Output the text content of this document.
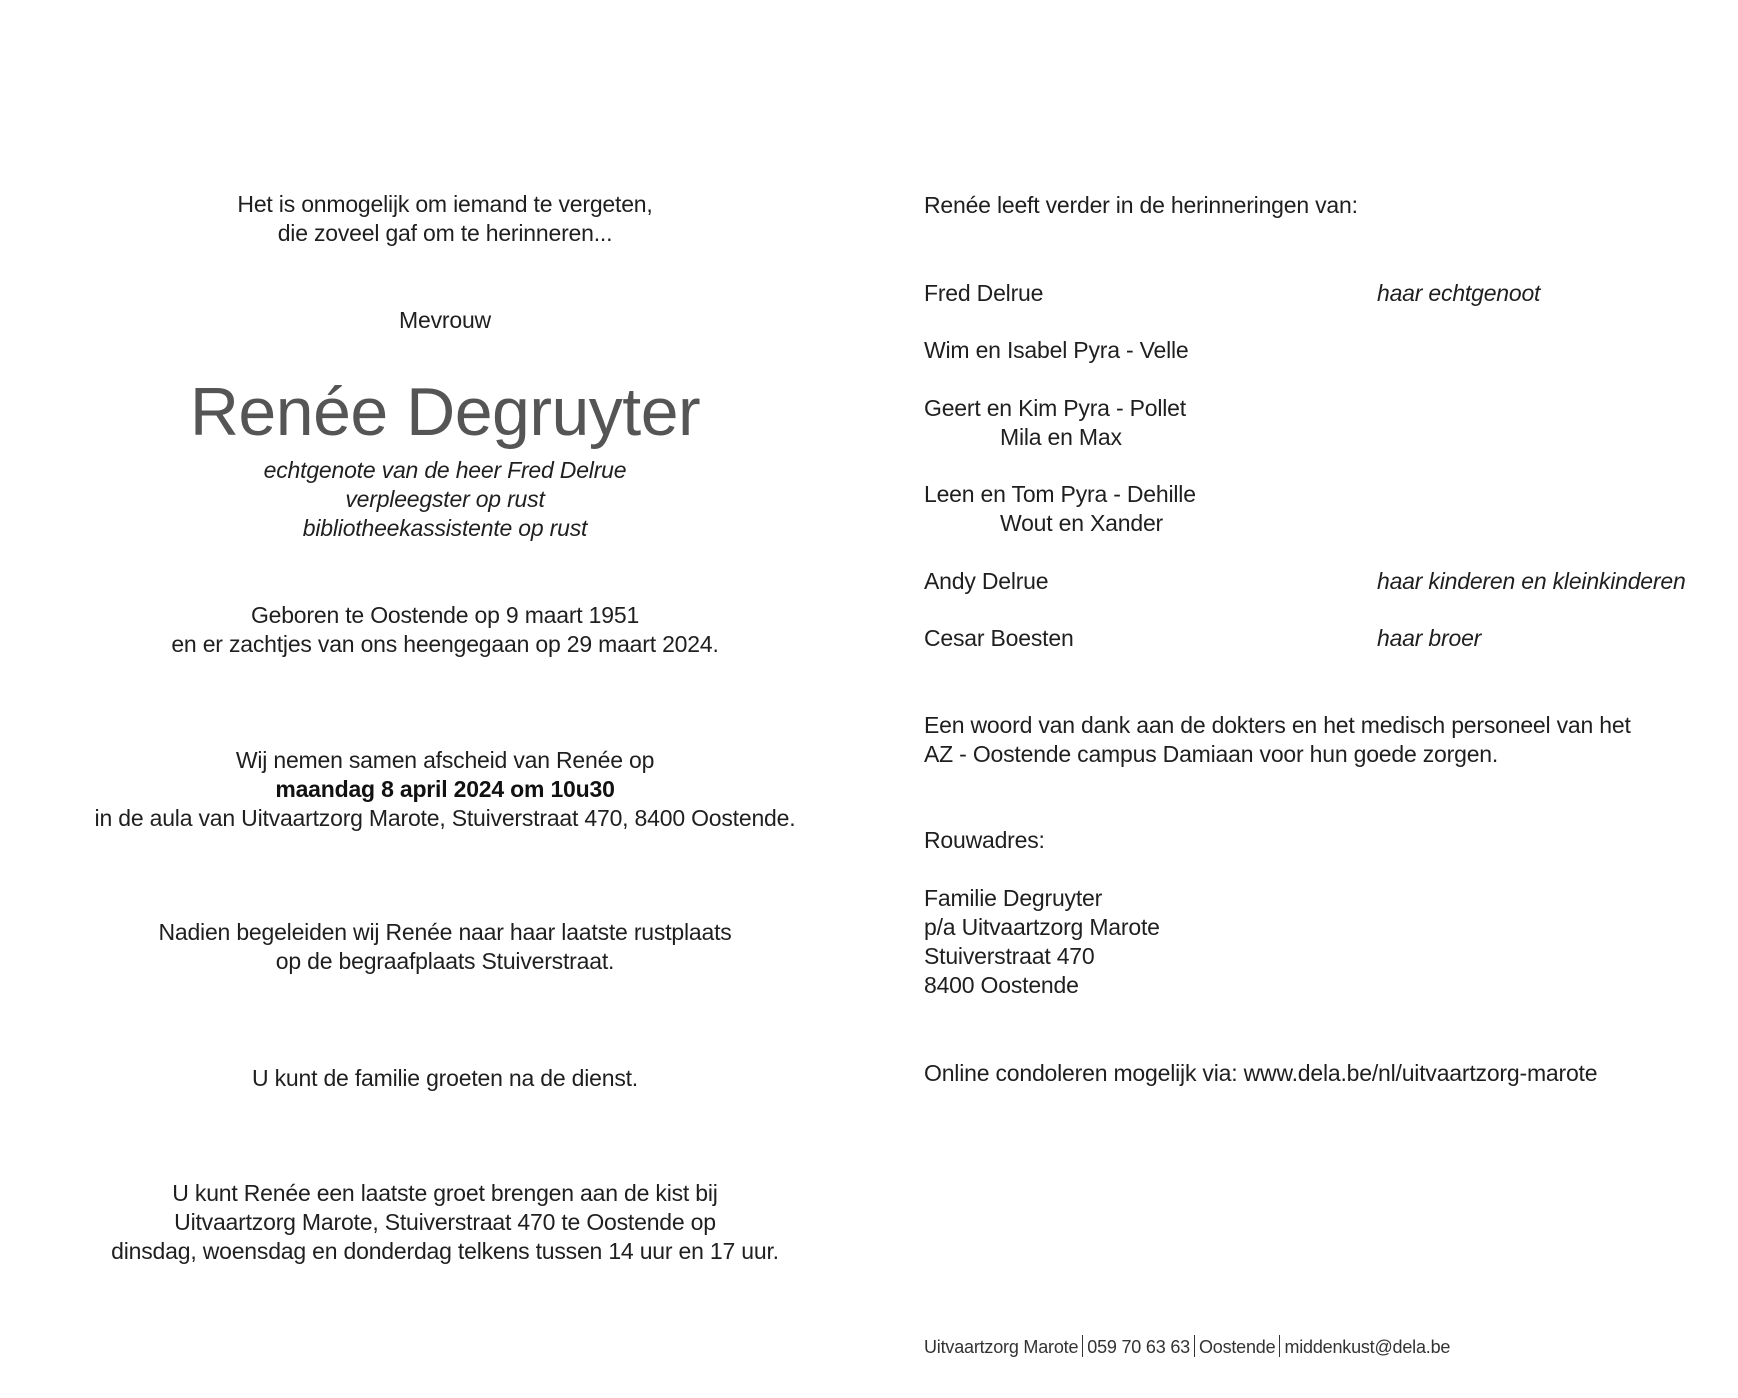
Het is onmogelijk om iemand te vergeten,
die zoveel gaf om te herinneren...
Mevrouw
Renée Degruyter
echtgenote van de heer Fred Delrue
verpleegster op rust
bibliotheekassistente op rust
Geboren te Oostende op 9 maart 1951
en er zachtjes van ons heengegaan op 29 maart 2024.
Wij nemen samen afscheid van Renée op
maandag 8 april 2024 om 10u30
in de aula van Uitvaartzorg Marote, Stuiverstraat 470, 8400 Oostende.
Nadien begeleiden wij Renée naar haar laatste rustplaats
op de begraafplaats Stuiverstraat.
U kunt de familie groeten na de dienst.
U kunt Renée een laatste groet brengen aan de kist bij
Uitvaartzorg Marote, Stuiverstraat 470 te Oostende op
dinsdag, woensdag en donderdag telkens tussen 14 uur en 17 uur.
Renée leeft verder in de herinneringen van:
Fred Delrue	haar echtgenoot
Wim en Isabel Pyra - Velle
Geert en Kim Pyra - Pollet
Mila en Max
Leen en Tom Pyra - Dehille
Wout en Xander
Andy Delrue	haar kinderen en kleinkinderen
Cesar Boesten	haar broer
Een woord van dank aan de dokters en het medisch personeel van het
AZ - Oostende campus Damiaan voor hun goede zorgen.
Rouwadres:
Familie Degruyter
p/a Uitvaartzorg Marote
Stuiverstraat 470
8400 Oostende
Online condoleren mogelijk via: www.dela.be/nl/uitvaartzorg-marote
Uitvaartzorg Marote 059 70 63 63 Oostende middenkust@dela.be
